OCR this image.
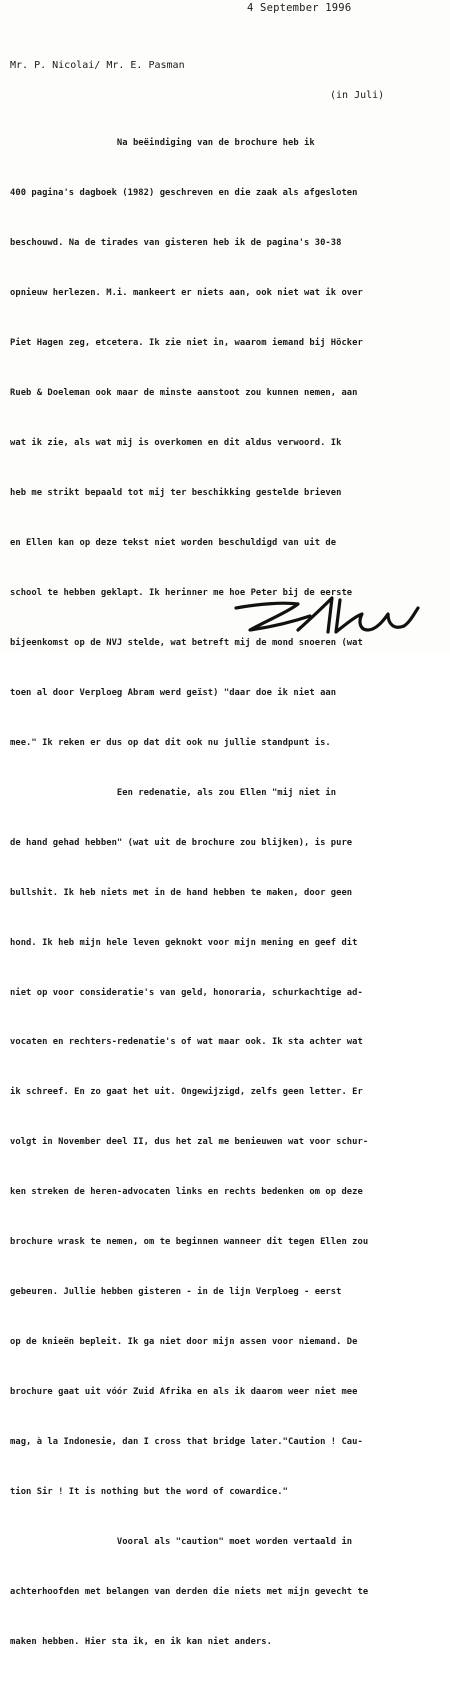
4 September 1996
Mr. P. Nicolai/ Mr. E. Pasman
(in Juli)

Na beëindiging van de brochure heb ik

400 pagina's dagboek (1982) geschreven en die zaak als afgesloten

beschouwd. Na de tirades van gisteren heb ik de pagina's 30-38

opnieuw herlezen. M.i. mankeert er niets aan, ook niet wat ik over

Piet Hagen zeg, etcetera. Ik zie niet in, waarom iemand bij Höcker

Rueb & Doeleman ook maar de minste aanstoot zou kunnen nemen, aan

wat ik zie, als wat mij is overkomen en dit aldus verwoord. Ik

heb me strikt bepaald tot mij ter beschikking gestelde brieven

en Ellen kan op deze tekst niet worden beschuldigd van uit de

school te hebben geklapt. Ik herinner me hoe Peter bij de eerste

bijeenkomst op de NVJ stelde, wat betreft mij de mond snoeren (wat

toen al door Verploeg Abram werd geïst) "daar doe ik niet aan

mee." Ik reken er dus op dat dit ook nu jullie standpunt is.

Een redenatie, als zou Ellen "mij niet in

de hand gehad hebben" (wat uit de brochure zou blijken), is pure

bullshit. Ik heb niets met in de hand hebben te maken, door geen

hond. Ik heb mijn hele leven geknokt voor mijn mening en geef dit

niet op voor consideratie's van geld, honoraria, schurkachtige ad-

vocaten en rechters-redenatie's of wat maar ook. Ik sta achter wat

ik schreef. En zo gaat het uit. Ongewijzigd, zelfs geen letter. Er

volgt in November deel II, dus het zal me benieuwen wat voor schur-

ken streken de heren-advocaten links en rechts bedenken om op deze

brochure wrask te nemen, om te beginnen wanneer dit tegen Ellen zou

gebeuren. Jullie hebben gisteren - in de lijn Verploeg - eerst

op de knieën bepleit. Ik ga niet door mijn assen voor niemand. De

brochure gaat uit vóór Zuid Afrika en als ik daarom weer niet mee

mag, à la Indonesie, dan I cross that bridge later."Caution ! Cau-

tion Sir ! It is nothing but the word of cowardice."

Vooral als "caution" moet worden vertaald in

achterhoofden met belangen van derden die niets met mijn gevecht te

maken hebben. Hier sta ik, en ik kan niet anders.
